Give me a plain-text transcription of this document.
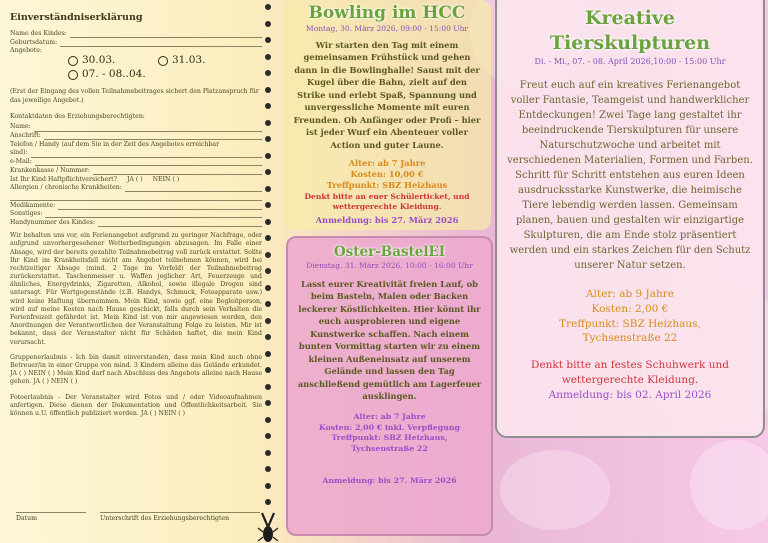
Einverständniserklärung
Name des Kindes:
Geburtsdatum:
Angebote:
30.03.	31.03.
07. - 08..04.
(Erst der Eingang des vollen Teilnahmebeitrages sichert den Platzanspruch für das jeweilige Angebot.)
Kontaktdaten des Erziehungsberechtigten:
Name:
Anschrift:
Telefon / Handy (auf dem Sie in der Zeit des Angebotes erreichbar
sind):
e-Mail:
Krankenkasse / Nummer:
Ist Ihr Kind Haftpflichtversichert? JA ( ) NEIN ( )
Allergien / chronische Krankheiten:
Medikamente:
Sonstiges:
Handynummer des Kindes:
Wir behalten uns vor, ein Ferienangebot aufgrund zu geringer Nachfrage, oder aufgrund unvorhergesehener Wetterbedingungen abzusagen. Im Falle einer Absage, wird der bereits gezahlte Teilnahmebeitrag voll zurück erstattet. Sollte Ihr Kind im Krankheitsfall nicht am Angebot teilnehmen können, wird bei rechtzeitiger Absage (mind. 2 Tage im Vorfeld) der Teilnahmebeitrag zurückerstattet. Taschenmesser u. Waffen jeglicher Art, Feuerzeuge und ähnliches, Energydrinks, Zigaretten, Alkohol, sowie illegale Drogen sind untersagt. Für Wertgegenstände (z.B. Handys, Schmuck, Fotoapparate usw.) wird keine Haftung übernommen. Mein Kind, sowie ggf. eine Begleitperson, wird auf meine Kosten nach Hause geschickt, falls durch sein Verhalten die Ferienfreizeit gefährdet ist. Mein Kind ist von mir angewiesen worden, den Anordnungen der Verantwortlichen der Veranstaltung Folge zu leisten. Mir ist bekannt, dass der Veranstalter nicht für Schäden haftet, die mein Kind verursacht.
Gruppenerlaubnis - Ich bin damit einverstanden, dass mein Kind auch ohne Betreuer/in in einer Gruppe von mind. 3 Kindern alleine das Gelände erkundet. JA ( ) NEIN ( ) Mein Kind darf nach Abschluss des Angebots alleine nach Hause gehen. JA ( ) NEIN ( )
Fotoerlaubnis - Der Veranstalter wird Fotos und / oder Videoaufnahmen anfertigen. Diese dienen der Dokumentation und Öffentlichkeitsarbeit. Sie können u.U. öffentlich publiziert werden. JA ( ) NEIN ( )
Datum	Unterschrift des Erziehungsberechtigten
Bowling im HCC
Montag, 30. März 2026, 09:00 - 15:00 Uhr
Wir starten den Tag mit einem gemeinsamen Frühstück und gehen dann in die Bowlinghalle! Saust mit der Kugel über die Bahn, zielt auf den Strike und erlebt Spaß, Spannung und unvergessliche Momente mit euren Freunden. Ob Anfänger oder Profi – hier ist jeder Wurf ein Abenteuer voller Action und guter Laune.
Alter: ab 7 Jahre
Kosten: 10,00 €
Treffpunkt: SBZ Heizhaus
Denkt bitte an euer Schülerticket, und wettergerechte Kleidung.
Anmeldung: bis 27. März 2026
Oster-BastelEI
Dienstag, 31. März 2026, 10:00 - 16:00 Uhr
Lasst eurer Kreativität freien Lauf, ob beim Basteln, Malen oder Backen leckerer Köstlichkeiten. Hier könnt ihr euch ausprobieren und eigene Kunstwerke schaffen. Nach einem bunten Vormittag starten wir zu einem kleinen Außeneinsatz auf unserem Gelände und lassen den Tag anschließend gemütlich am Lagerfeuer ausklingen.
Alter: ab 7 Jahre
Kosten: 2,00 € inkl. Verpflegung
Treffpunkt: SBZ Heizhaus,
Tychsenstraße 22
Anmeldung: bis 27. März 2026
Kreative
Tierskulpturen
Di. - Mi., 07. - 08. April 2026,10:00 - 15:00 Uhr
Freut euch auf ein kreatives Ferienangebot voller Fantasie, Teamgeist und handwerklicher Entdeckungen! Zwei Tage lang gestaltet ihr beeindruckende Tierskulpturen für unsere Naturschutzwoche und arbeitet mit verschiedenen Materialien, Formen und Farben. Schritt für Schritt entstehen aus euren Ideen ausdrucksstarke Kunstwerke, die heimische Tiere lebendig werden lassen. Gemeinsam planen, bauen und gestalten wir einzigartige Skulpturen, die am Ende stolz präsentiert werden und ein starkes Zeichen für den Schutz unserer Natur setzen.
Alter: ab 9 Jahre
Kosten: 2,00 €
Treffpunkt: SBZ Heizhaus,
Tychsenstraße 22
Denkt bitte an festes Schuhwerk und wettergerechte Kleidung.
Anmeldung: bis 02. April 2026
